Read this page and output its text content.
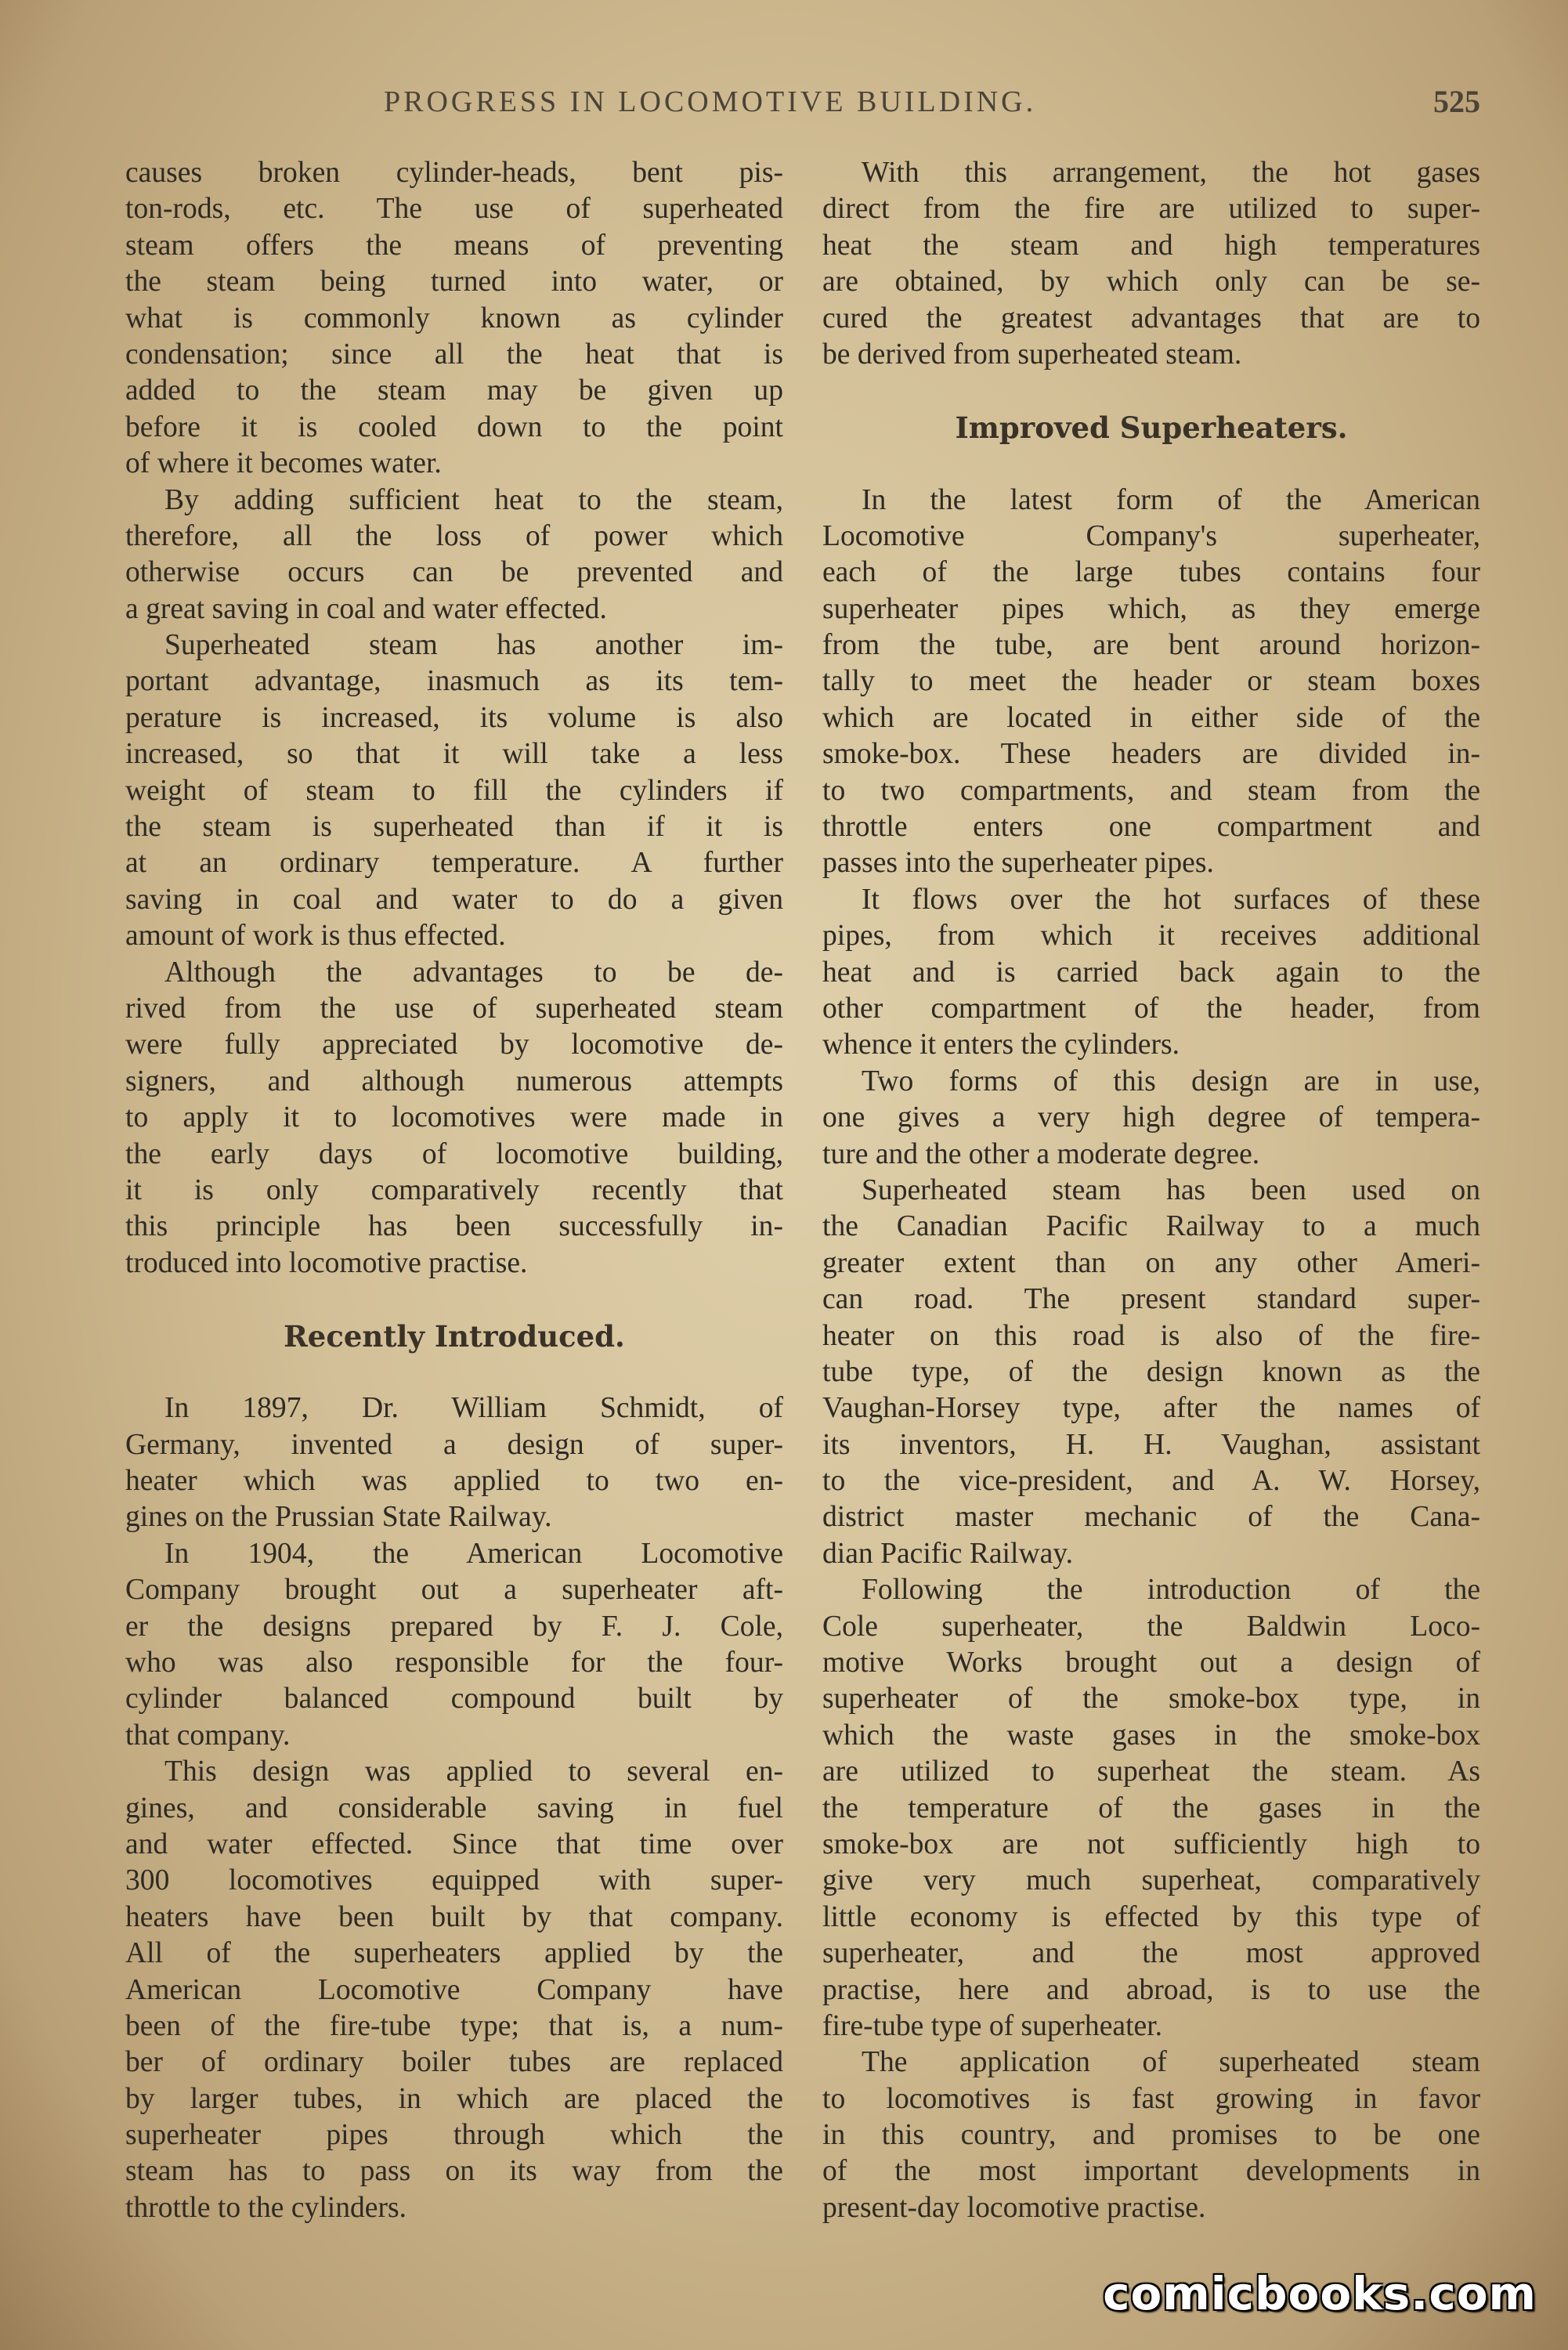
PROGRESS IN LOCOMOTIVE BUILDING.	525
causes broken cylinder-heads, bent pis-
ton-rods, etc. The use of superheated
steam offers the means of preventing
the steam being turned into water, or
what is commonly known as cylinder
condensation; since all the heat that is
added to the steam may be given up
before it is cooled down to the point
of where it becomes water.
By adding sufficient heat to the steam,
therefore, all the loss of power which
otherwise occurs can be prevented and
a great saving in coal and water effected.
Superheated steam has another im-
portant advantage, inasmuch as its tem-
perature is increased, its volume is also
increased, so that it will take a less
weight of steam to fill the cylinders if
the steam is superheated than if it is
at an ordinary temperature. A further
saving in coal and water to do a given
amount of work is thus effected.
Although the advantages to be de-
rived from the use of superheated steam
were fully appreciated by locomotive de-
signers, and although numerous attempts
to apply it to locomotives were made in
the early days of locomotive building,
it is only comparatively recently that
this principle has been successfully in-
troduced into locomotive practise.
Recently Introduced.
In 1897, Dr. William Schmidt, of
Germany, invented a design of super-
heater which was applied to two en-
gines on the Prussian State Railway.
In 1904, the American Locomotive
Company brought out a superheater aft-
er the designs prepared by F. J. Cole,
who was also responsible for the four-
cylinder balanced compound built by
that company.
This design was applied to several en-
gines, and considerable saving in fuel
and water effected. Since that time over
300 locomotives equipped with super-
heaters have been built by that company.
All of the superheaters applied by the
American Locomotive Company have
been of the fire-tube type; that is, a num-
ber of ordinary boiler tubes are replaced
by larger tubes, in which are placed the
superheater pipes through which the
steam has to pass on its way from the
throttle to the cylinders.
With this arrangement, the hot gases
direct from the fire are utilized to super-
heat the steam and high temperatures
are obtained, by which only can be se-
cured the greatest advantages that are to
be derived from superheated steam.
Improved Superheaters.
In the latest form of the American
Locomotive Company's superheater,
each of the large tubes contains four
superheater pipes which, as they emerge
from the tube, are bent around horizon-
tally to meet the header or steam boxes
which are located in either side of the
smoke-box. These headers are divided in-
to two compartments, and steam from the
throttle enters one compartment and
passes into the superheater pipes.
It flows over the hot surfaces of these
pipes, from which it receives additional
heat and is carried back again to the
other compartment of the header, from
whence it enters the cylinders.
Two forms of this design are in use,
one gives a very high degree of tempera-
ture and the other a moderate degree.
Superheated steam has been used on
the Canadian Pacific Railway to a much
greater extent than on any other Ameri-
can road. The present standard super-
heater on this road is also of the fire-
tube type, of the design known as the
Vaughan-Horsey type, after the names of
its inventors, H. H. Vaughan, assistant
to the vice-president, and A. W. Horsey,
district master mechanic of the Cana-
dian Pacific Railway.
Following the introduction of the
Cole superheater, the Baldwin Loco-
motive Works brought out a design of
superheater of the smoke-box type, in
which the waste gases in the smoke-box
are utilized to superheat the steam. As
the temperature of the gases in the
smoke-box are not sufficiently high to
give very much superheat, comparatively
little economy is effected by this type of
superheater, and the most approved
practise, here and abroad, is to use the
fire-tube type of superheater.
The application of superheated steam
to locomotives is fast growing in favor
in this country, and promises to be one
of the most important developments in
present-day locomotive practise.
comicbooks.com
